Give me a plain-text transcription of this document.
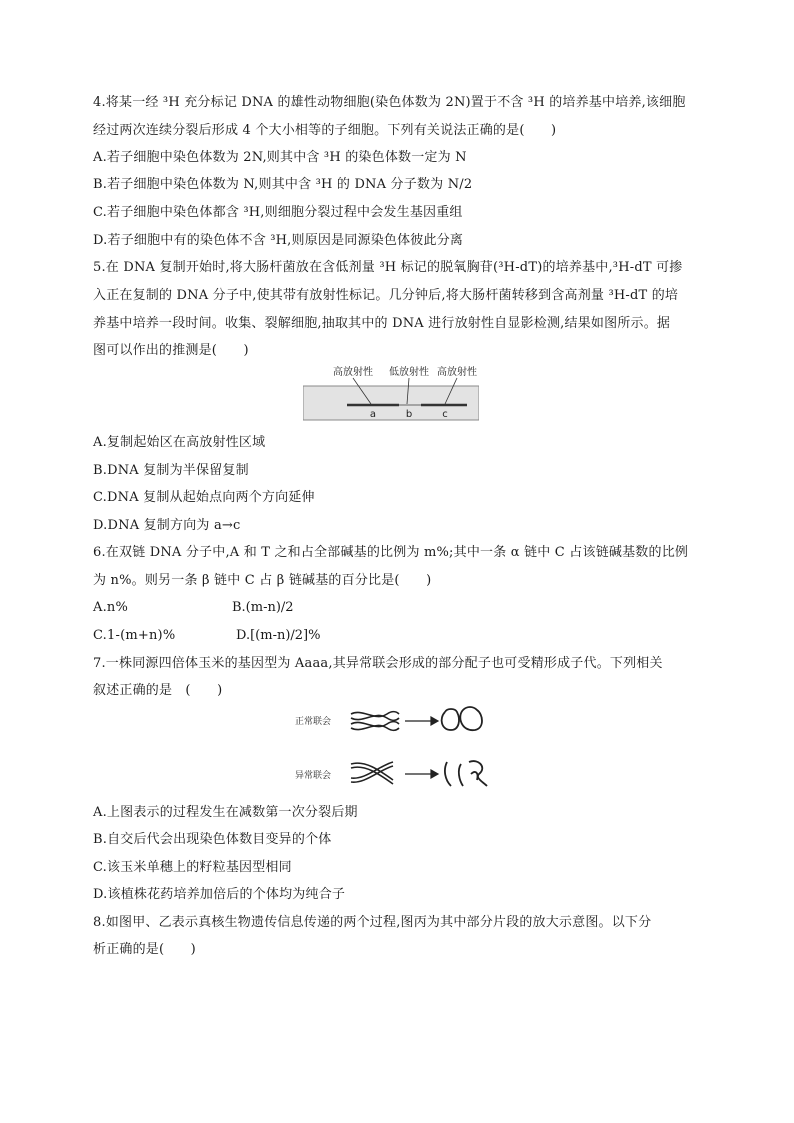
4.将某一经 ³H 充分标记 DNA 的雄性动物细胞(染色体数为 2N)置于不含 ³H 的培养基中培养,该细胞
经过两次连续分裂后形成 4 个大小相等的子细胞。下列有关说法正确的是(　　)
A.若子细胞中染色体数为 2N,则其中含 ³H 的染色体数一定为 N
B.若子细胞中染色体数为 N,则其中含 ³H 的 DNA 分子数为 N/2
C.若子细胞中染色体都含 ³H,则细胞分裂过程中会发生基因重组
D.若子细胞中有的染色体不含 ³H,则原因是同源染色体彼此分离
5.在 DNA 复制开始时,将大肠杆菌放在含低剂量 ³H 标记的脱氧胸苷(³H-dT)的培养基中,³H-dT 可掺
入正在复制的 DNA 分子中,使其带有放射性标记。几分钟后,将大肠杆菌转移到含高剂量 ³H-dT 的培
养基中培养一段时间。收集、裂解细胞,抽取其中的 DNA 进行放射性自显影检测,结果如图所示。据
图可以作出的推测是(　　)
高放射性 低放射性 高放射性
a	b	c
A.复制起始区在高放射性区域
B.DNA 复制为半保留复制
C.DNA 复制从起始点向两个方向延伸
D.DNA 复制方向为 a→c
6.在双链 DNA 分子中,A 和 T 之和占全部碱基的比例为 m%;其中一条 α 链中 C 占该链碱基数的比例
为 n%。则另一条 β 链中 C 占 β 链碱基的百分比是(　　)
A.n%	B.(m-n)/2
C.1-(m+n)%	D.[(m-n)/2]%
7.一株同源四倍体玉米的基因型为 Aaaa,其异常联会形成的部分配子也可受精形成子代。下列相关
叙述正确的是　(　　)
正常联会
异常联会
A.上图表示的过程发生在减数第一次分裂后期
B.自交后代会出现染色体数目变异的个体
C.该玉米单穗上的籽粒基因型相同
D.该植株花药培养加倍后的个体均为纯合子
8.如图甲、乙表示真核生物遗传信息传递的两个过程,图丙为其中部分片段的放大示意图。以下分
析正确的是(　　)
